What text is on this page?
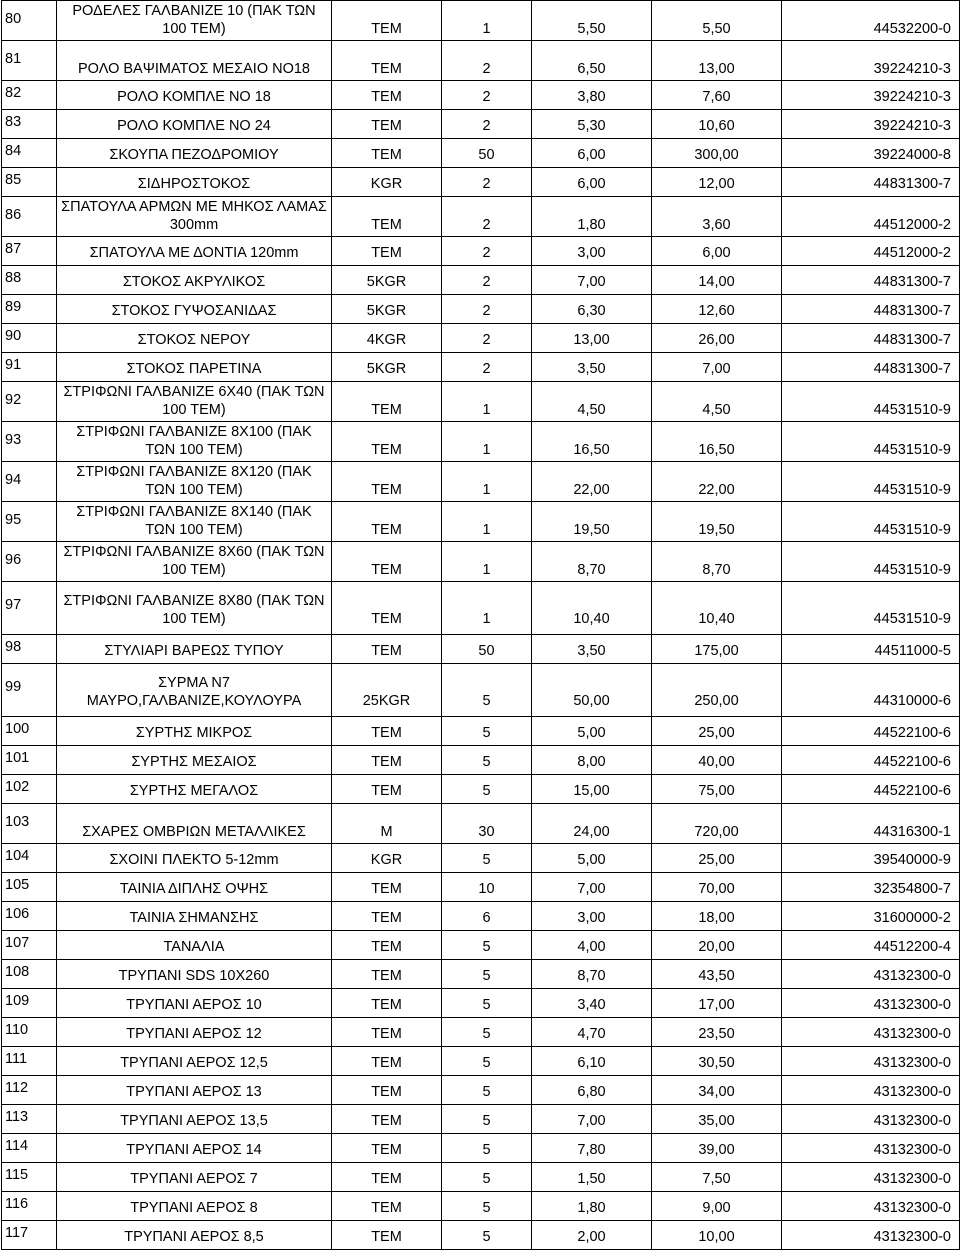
80	ΡΟΔΕΛΕΣ ΓΑΛΒΑΝΙΖΕ 10 (ΠΑΚ ΤΩΝ 100 ΤΕΜ)	ΤΕΜ	1	5,50	5,50	44532200-0
81	ΡΟΛΟ ΒΑΨΙΜΑΤΟΣ ΜΕΣΑΙΟ ΝΟ18	ΤΕΜ	2	6,50	13,00	39224210-3
82	ΡΟΛΟ ΚΟΜΠΛΕ ΝΟ 18	ΤΕΜ	2	3,80	7,60	39224210-3
83	ΡΟΛΟ ΚΟΜΠΛΕ ΝΟ 24	ΤΕΜ	2	5,30	10,60	39224210-3
84	ΣΚΟΥΠΑ ΠΕΖΟΔΡΟΜΙΟΥ	ΤΕΜ	50	6,00	300,00	39224000-8
85	ΣΙΔΗΡΟΣΤΟΚΟΣ	KGR	2	6,00	12,00	44831300-7
86	ΣΠΑΤΟΥΛΑ ΑΡΜΩΝ ΜΕ ΜΗΚΟΣ ΛΑΜΑΣ 300mm	ΤΕΜ	2	1,80	3,60	44512000-2
87	ΣΠΑΤΟΥΛΑ ΜΕ ΔΟΝΤΙΑ 120mm	ΤΕΜ	2	3,00	6,00	44512000-2
88	ΣΤΟΚΟΣ ΑΚΡΥΛΙΚΟΣ	5KGR	2	7,00	14,00	44831300-7
89	ΣΤΟΚΟΣ ΓΥΨΟΣΑΝΙΔΑΣ	5KGR	2	6,30	12,60	44831300-7
90	ΣΤΟΚΟΣ ΝΕΡΟΥ	4KGR	2	13,00	26,00	44831300-7
91	ΣΤΟΚΟΣ ΠΑΡΕΤΙΝΑ	5KGR	2	3,50	7,00	44831300-7
92	ΣΤΡΙΦΩΝΙ ΓΑΛΒΑΝΙΖΕ 6Χ40 (ΠΑΚ ΤΩΝ 100 ΤΕΜ)	ΤΕΜ	1	4,50	4,50	44531510-9
93	ΣΤΡΙΦΩΝΙ ΓΑΛΒΑΝΙΖΕ 8Χ100 (ΠΑΚ ΤΩΝ 100 ΤΕΜ)	ΤΕΜ	1	16,50	16,50	44531510-9
94	ΣΤΡΙΦΩΝΙ ΓΑΛΒΑΝΙΖΕ 8Χ120 (ΠΑΚ ΤΩΝ 100 ΤΕΜ)	ΤΕΜ	1	22,00	22,00	44531510-9
95	ΣΤΡΙΦΩΝΙ ΓΑΛΒΑΝΙΖΕ 8Χ140 (ΠΑΚ ΤΩΝ 100 ΤΕΜ)	ΤΕΜ	1	19,50	19,50	44531510-9
96	ΣΤΡΙΦΩΝΙ ΓΑΛΒΑΝΙΖΕ 8Χ60 (ΠΑΚ ΤΩΝ 100 ΤΕΜ)	ΤΕΜ	1	8,70	8,70	44531510-9
97	ΣΤΡΙΦΩΝΙ ΓΑΛΒΑΝΙΖΕ 8Χ80 (ΠΑΚ ΤΩΝ 100 ΤΕΜ)	ΤΕΜ	1	10,40	10,40	44531510-9
98	ΣΤΥΛΙΑΡΙ ΒΑΡΕΩΣ ΤΥΠΟΥ	ΤΕΜ	50	3,50	175,00	44511000-5
99	ΣΥΡΜΑ Ν7 ΜΑΥΡΟ,ΓΑΛΒΑΝΙΖΕ,ΚΟΥΛΟΥΡΑ	25KGR	5	50,00	250,00	44310000-6
100	ΣΥΡΤΗΣ ΜΙΚΡΟΣ	ΤΕΜ	5	5,00	25,00	44522100-6
101	ΣΥΡΤΗΣ ΜΕΣΑΙΟΣ	ΤΕΜ	5	8,00	40,00	44522100-6
102	ΣΥΡΤΗΣ ΜΕΓΑΛΟΣ	ΤΕΜ	5	15,00	75,00	44522100-6
103	ΣΧΑΡΕΣ ΟΜΒΡΙΩΝ ΜΕΤΑΛΛΙΚΕΣ	Μ	30	24,00	720,00	44316300-1
104	ΣΧΟΙΝΙ ΠΛΕΚΤΟ 5-12mm	KGR	5	5,00	25,00	39540000-9
105	ΤΑΙΝΙΑ ΔΙΠΛΗΣ ΟΨΗΣ	ΤΕΜ	10	7,00	70,00	32354800-7
106	ΤΑΙΝΙΑ ΣΗΜΑΝΣΗΣ	ΤΕΜ	6	3,00	18,00	31600000-2
107	ΤΑΝΑΛΙΑ	ΤΕΜ	5	4,00	20,00	44512200-4
108	ΤΡΥΠΑΝΙ SDS 10Χ260	ΤΕΜ	5	8,70	43,50	43132300-0
109	ΤΡΥΠΑΝΙ ΑΕΡΟΣ 10	ΤΕΜ	5	3,40	17,00	43132300-0
110	ΤΡΥΠΑΝΙ ΑΕΡΟΣ 12	ΤΕΜ	5	4,70	23,50	43132300-0
111	ΤΡΥΠΑΝΙ ΑΕΡΟΣ 12,5	ΤΕΜ	5	6,10	30,50	43132300-0
112	ΤΡΥΠΑΝΙ ΑΕΡΟΣ 13	ΤΕΜ	5	6,80	34,00	43132300-0
113	ΤΡΥΠΑΝΙ ΑΕΡΟΣ 13,5	ΤΕΜ	5	7,00	35,00	43132300-0
114	ΤΡΥΠΑΝΙ ΑΕΡΟΣ 14	ΤΕΜ	5	7,80	39,00	43132300-0
115	ΤΡΥΠΑΝΙ ΑΕΡΟΣ 7	ΤΕΜ	5	1,50	7,50	43132300-0
116	ΤΡΥΠΑΝΙ ΑΕΡΟΣ 8	ΤΕΜ	5	1,80	9,00	43132300-0
117	ΤΡΥΠΑΝΙ ΑΕΡΟΣ 8,5	ΤΕΜ	5	2,00	10,00	43132300-0
